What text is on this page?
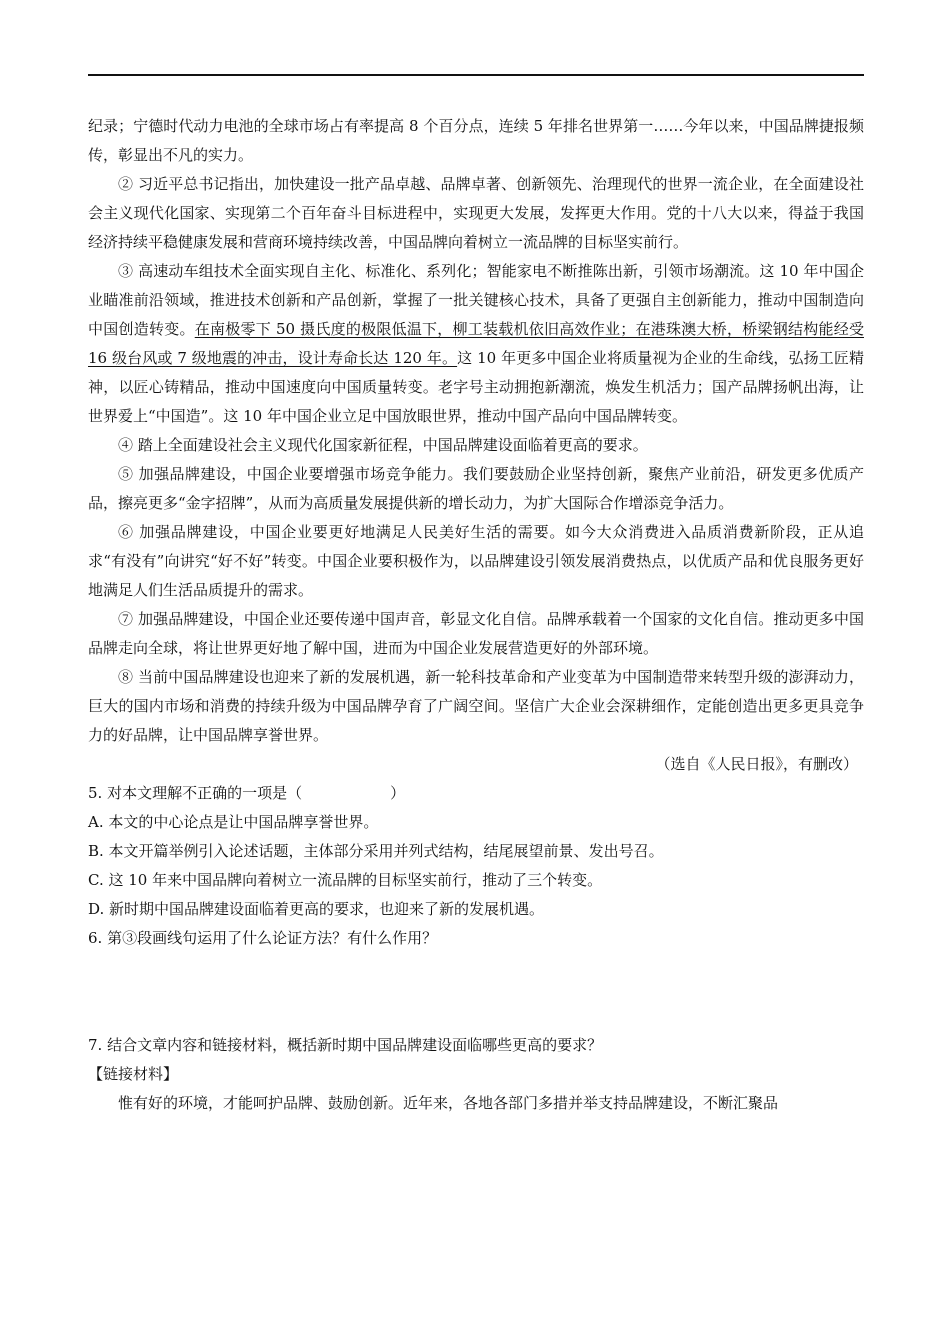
纪录；宁德时代动力电池的全球市场占有率提高 8 个百分点，连续 5 年排名世界第一……今年以来，中国品牌捷报频传，彰显出不凡的实力。

② 习近平总书记指出，加快建设一批产品卓越、品牌卓著、创新领先、治理现代的世界一流企业，在全面建设社会主义现代化国家、实现第二个百年奋斗目标进程中，实现更大发展，发挥更大作用。党的十八大以来，得益于我国经济持续平稳健康发展和营商环境持续改善，中国品牌向着树立一流品牌的目标坚实前行。

③ 高速动车组技术全面实现自主化、标准化、系列化；智能家电不断推陈出新，引领市场潮流。这 10 年中国企业瞄准前沿领域，推进技术创新和产品创新，掌握了一批关键核心技术，具备了更强自主创新能力，推动中国制造向中国创造转变。在南极零下 50 摄氏度的极限低温下，柳工装载机依旧高效作业；在港珠澳大桥，桥梁钢结构能经受 16 级台风或 7 级地震的冲击，设计寿命长达 120 年。这 10 年更多中国企业将质量视为企业的生命线，弘扬工匠精神，以匠心铸精品，推动中国速度向中国质量转变。老字号主动拥抱新潮流，焕发生机活力；国产品牌扬帆出海，让世界爱上“中国造”。这 10 年中国企业立足中国放眼世界，推动中国产品向中国品牌转变。

④ 踏上全面建设社会主义现代化国家新征程，中国品牌建设面临着更高的要求。

⑤ 加强品牌建设，中国企业要增强市场竞争能力。我们要鼓励企业坚持创新，聚焦产业前沿，研发更多优质产品，擦亮更多“金字招牌”，从而为高质量发展提供新的增长动力，为扩大国际合作增添竞争活力。

⑥ 加强品牌建设，中国企业要更好地满足人民美好生活的需要。如今大众消费进入品质消费新阶段，正从追求“有没有”向讲究“好不好”转变。中国企业要积极作为，以品牌建设引领发展消费热点，以优质产品和优良服务更好地满足人们生活品质提升的需求。

⑦ 加强品牌建设，中国企业还要传递中国声音，彰显文化自信。品牌承载着一个国家的文化自信。推动更多中国品牌走向全球，将让世界更好地了解中国，进而为中国企业发展营造更好的外部环境。

⑧ 当前中国品牌建设也迎来了新的发展机遇，新一轮科技革命和产业变革为中国制造带来转型升级的澎湃动力，巨大的国内市场和消费的持续升级为中国品牌孕育了广阔空间。坚信广大企业会深耕细作，定能创造出更多更具竞争力的好品牌，让中国品牌享誉世界。

（选自《人民日报》，有删改）

5. 对本文理解不正确的一项是（	）

A. 本文的中心论点是让中国品牌享誉世界。

B. 本文开篇举例引入论述话题，主体部分采用并列式结构，结尾展望前景、发出号召。

C. 这 10 年来中国品牌向着树立一流品牌的目标坚实前行，推动了三个转变。

D. 新时期中国品牌建设面临着更高的要求，也迎来了新的发展机遇。

6. 第③段画线句运用了什么论证方法？有什么作用？

7. 结合文章内容和链接材料，概括新时期中国品牌建设面临哪些更高的要求？

【链接材料】

惟有好的环境，才能呵护品牌、鼓励创新。近年来，各地各部门多措并举支持品牌建设，不断汇聚品
